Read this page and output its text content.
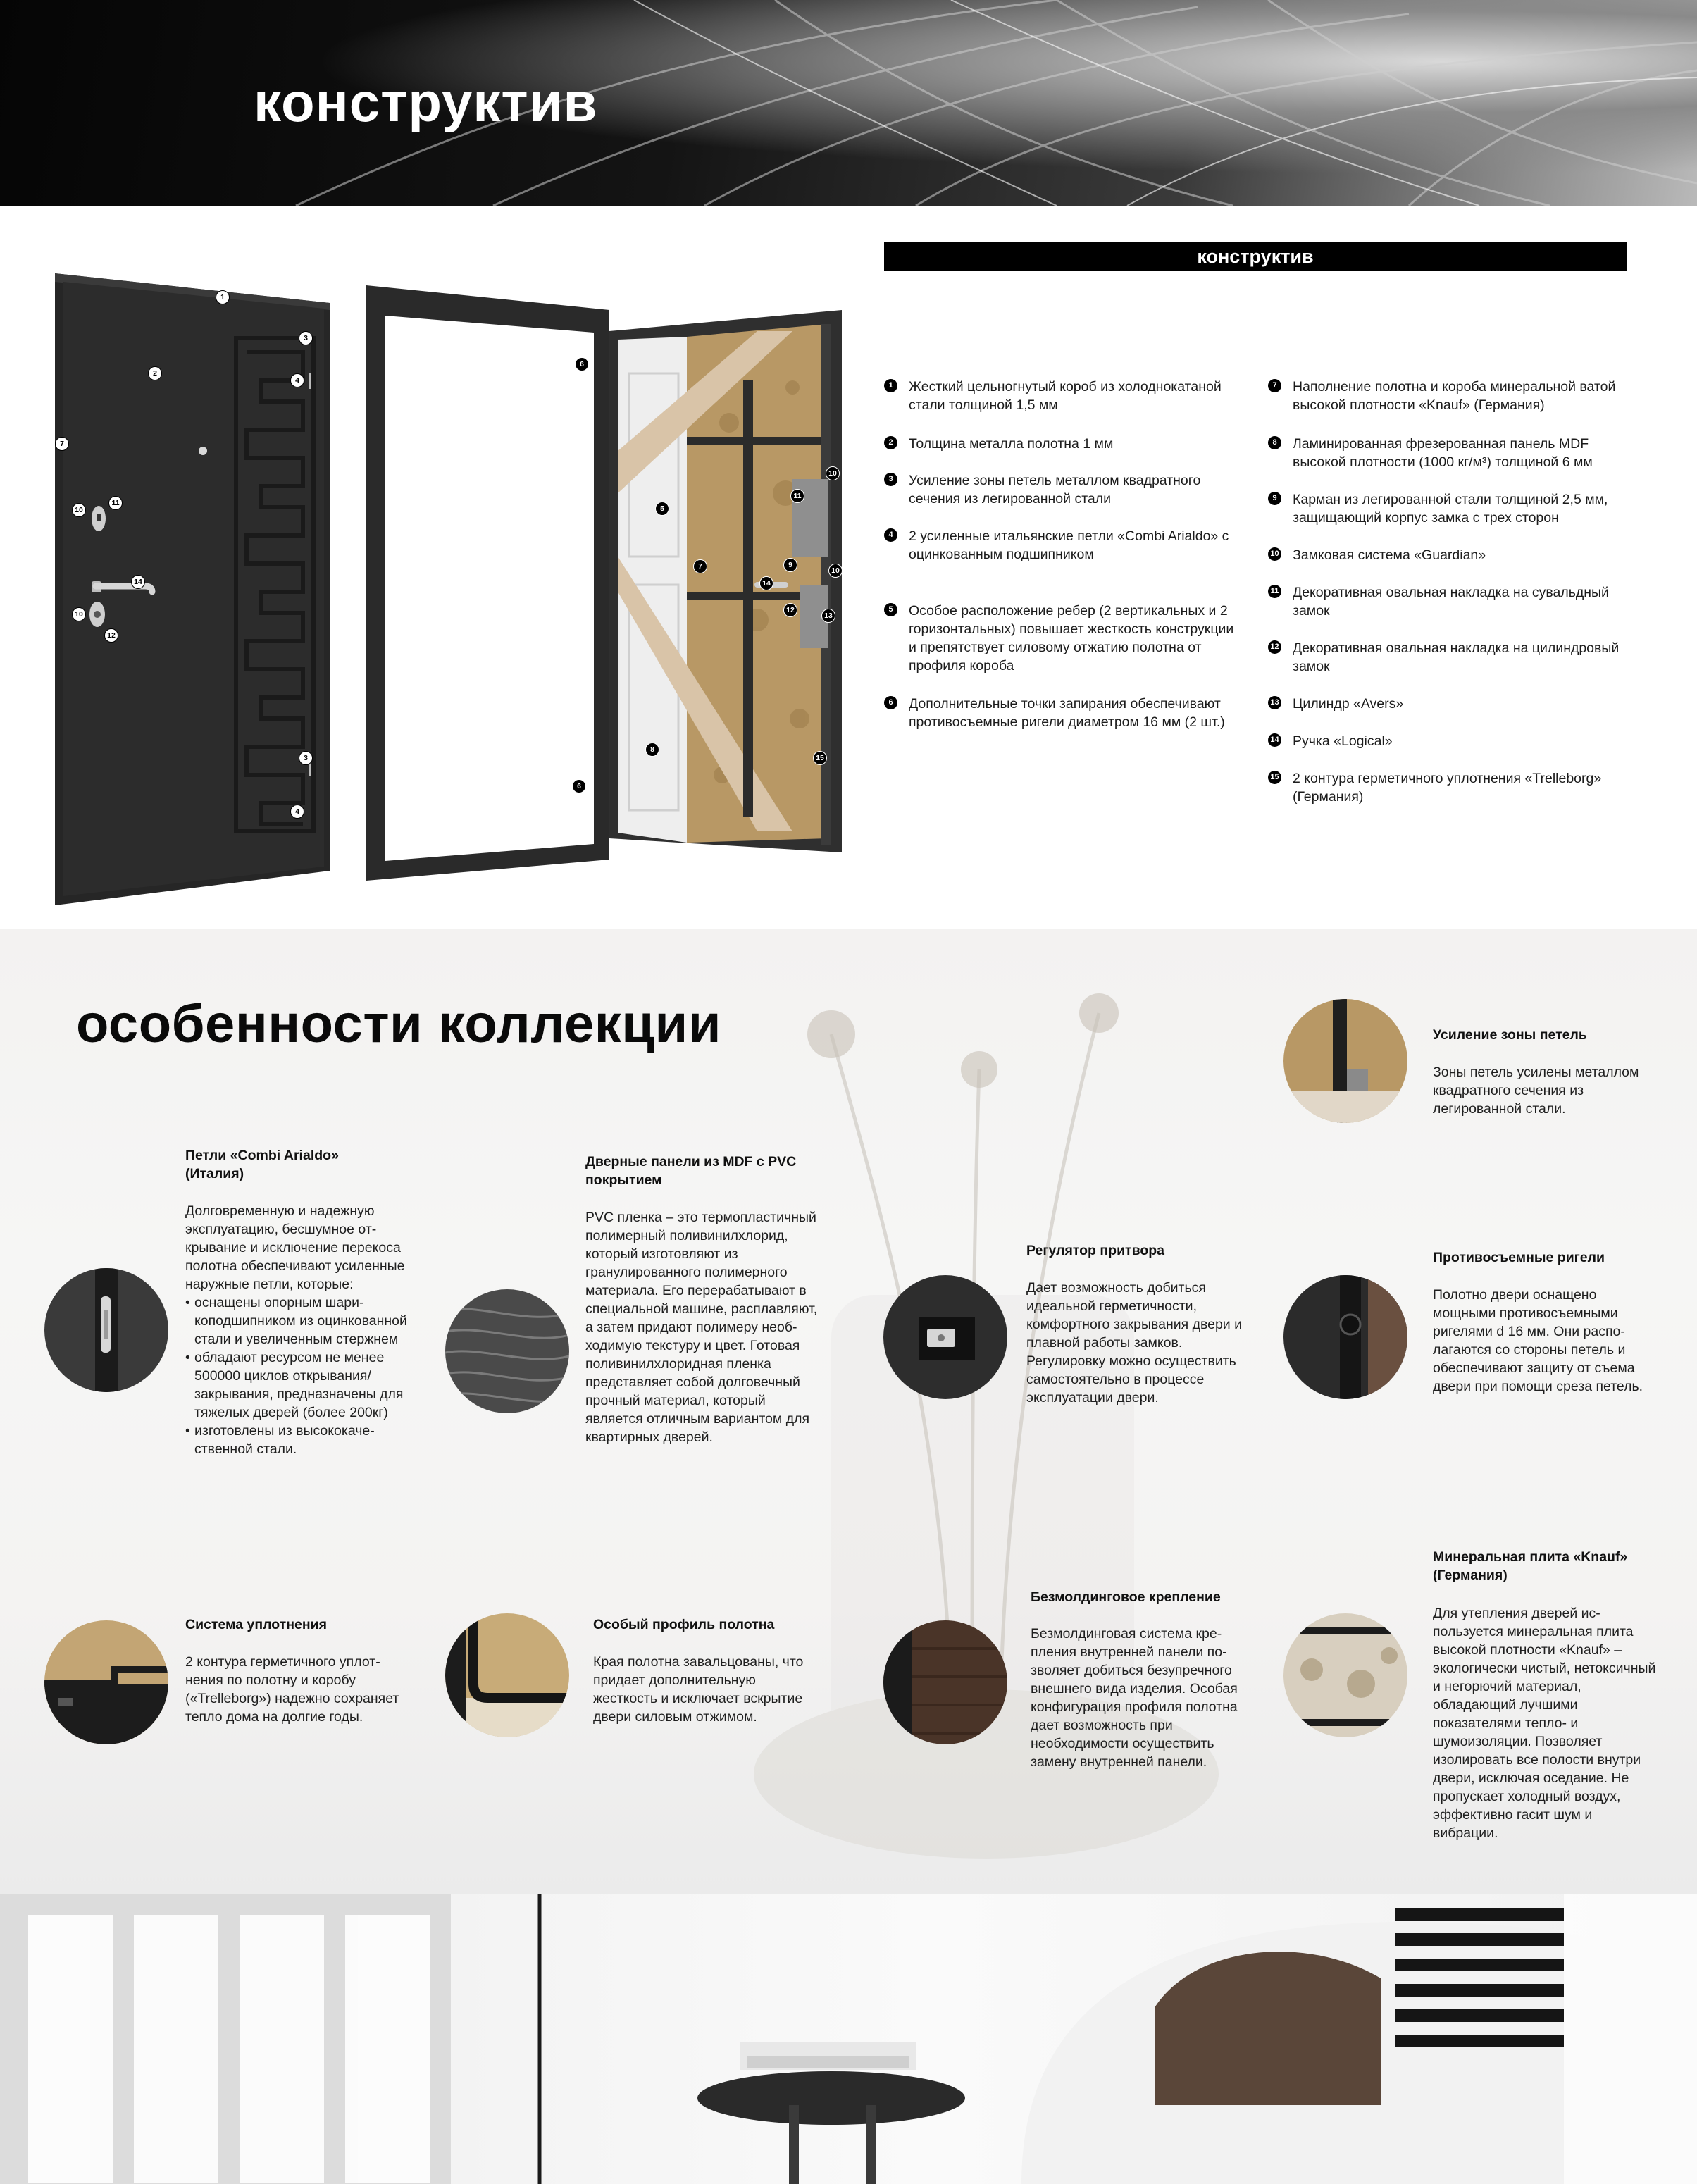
конструктив
1
2
3
4
7
10
11
14
10
12
3
4
6
5
7
8
6
11
10
9
10
14
12
13
15
конструктив
1	Жесткий цельногнутый короб из холоднокатаной стали толщиной 1,5 мм
2	Толщина металла полотна 1 мм
3	Усиление зоны петель металлом квадратного сечения из легированной стали
4	2 усиленные итальянские петли «Combi Arialdo» с оцинкованным подшипником
5	Особое расположение ребер (2 вертикальных и 2 горизонтальных) повышает жесткость конструкции и препятствует силовому отжатию полотна от профиля короба
6	Дополнительные точки запирания обеспечивают противосъемные ригели диаметром 16 мм (2 шт.)
7	Наполнение полотна и короба минеральной ватой высокой плотности «Knauf» (Германия)
8	Ламинированная фрезерованная панель MDF высокой плотности (1000 кг/м³) толщиной 6 мм
9	Карман из легированной стали толщиной 2,5 мм, защищающий корпус замка с трех сторон
10 Замковая система «Guardian»
11 Декоративная овальная накладка на сувальдный замок
12 Декоративная овальная накладка на цилиндровый замок
13 Цилиндр «Avers»
14 Ручка «Logical»
15 2 контура герметичного уплотнения «Trelleborg» (Германия)
особенности коллекции
Петли «Combi Arialdo» (Италия)
Долговременную и надежную эксплуатацию, бесшумное открывание и исключение перекоса полотна обеспечивают усиленные наружные петли, которые:
• оснащены опорным шарикоподшипником из оцинкованной стали и увеличенным стержнем
• обладают ресурсом не менее 500000 циклов открывания/закрывания, предназначены для тяжелых дверей (более 200кг)
• изготовлены из высококачественной стали.
Дверные панели из MDF с PVC покрытием
PVC пленка – это термопластичный полимерный поливинилхлорид, который изготовляют из гранулированного полимерного материала. Его перерабатывают в специальной машине, расплавляют, а затем придают полимеру необходимую текстуру и цвет. Готовая поливинилхлоридная пленка представляет собой долговечный прочный материал, который является отличным вариантом для квартирных дверей.
Регулятор притвора
Дает возможность добиться идеальной герметичности, комфортного закрывания двери и плавной работы замков. Регулировку можно осуществить самостоятельно в процессе эксплуатации двери.
Усиление зоны петель
Зоны петель усилены металлом квадратного сечения из легированной стали.
Противосъемные ригели
Полотно двери оснащено мощными противосъемными ригелями d 16 мм. Они располагаются со стороны петель и обеспечивают защиту от съема двери при помощи среза петель.
Система уплотнения
2 контура герметичного уплотнения по полотну и коробу («Trelleborg») надежно сохраняет тепло дома на долгие годы.
Особый профиль полотна
Края полотна завальцованы, что придает дополнительную жесткость и исключает вскрытие двери силовым отжимом.
Безмолдинговое крепление
Безмолдинговая система крепления внутренней панели позволяет добиться безупречного внешнего вида изделия. Особая конфигурация профиля полотна дает возможность при необходимости осуществить замену внутренней панели.
Минеральная плита «Knauf» (Германия)
Для утепления дверей используется минеральная плита высокой плотности «Knauf» – экологически чистый, нетоксичный и негорючий материал, обладающий лучшими показателями тепло- и шумоизоляции. Позволяет изолировать все полости внутри двери, исключая оседание. Не пропускает холодный воздух, эффективно гасит шум и вибрации.
